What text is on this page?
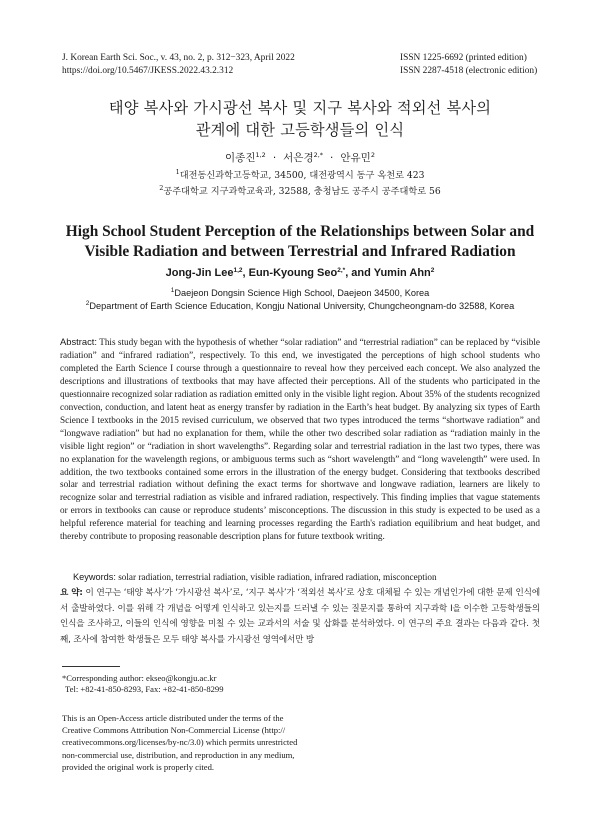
J. Korean Earth Sci. Soc., v. 43, no. 2, p. 312−323, April 2022
https://doi.org/10.5467/JKESS.2022.43.2.312
ISSN 1225-6692 (printed edition)
ISSN 2287-4518 (electronic edition)
태양 복사와 가시광선 복사 및 지구 복사와 적외선 복사의
관계에 대한 고등학생들의 인식
이종진$^{1,2}$ · 서은경$^{2,*}$ · 안유민$^2$
$^1$대전동신과학고등학교, 34500, 대전광역시 동구 옥천로 423
$^2$공주대학교 지구과학교육과, 32588, 충청남도 공주시 공주대학로 56
High School Student Perception of the Relationships between Solar and
Visible Radiation and between Terrestrial and Infrared Radiation
Jong-Jin Lee$^{1,2}$, Eun-Kyoung Seo$^{2,*}$, and Yumin Ahn$^2$
$^1$Daejeon Dongsin Science High School, Daejeon 34500, Korea
$^2$Department of Earth Science Education, Kongju National University, Chungcheongnam-do 32588, Korea
Abstract: This study began with the hypothesis of whether “solar radiation” and “terrestrial radiation” can be replaced by “visible radiation” and “infrared radiation”, respectively. To this end, we investigated the perceptions of high school students who completed the Earth Science I course through a questionnaire to reveal how they perceived each concept. We also analyzed the descriptions and illustrations of textbooks that may have affected their perceptions. All of the students who participated in the questionnaire recognized solar radiation as radiation emitted only in the visible light region. About 35% of the students recognized convection, conduction, and latent heat as energy transfer by radiation in the Earth’s heat budget. By analyzing six types of Earth Science I textbooks in the 2015 revised curriculum, we observed that two types introduced the terms “shortwave radiation” and “longwave radiation” but had no explanation for them, while the other two described solar radiation as “radiation mainly in the visible light region” or “radiation in short wavelengths”. Regarding solar and terrestrial radiation in the last two types, there was no explanation for the wavelength regions, or ambiguous terms such as “short wavelength” and “long wavelength” were used. In addition, the two textbooks contained some errors in the illustration of the energy budget. Considering that textbooks described solar and terrestrial radiation without defining the exact terms for shortwave and longwave radiation, learners are likely to recognize solar and terrestrial radiation as visible and infrared radiation, respectively. This finding implies that vague statements or errors in textbooks can cause or reproduce students’ misconceptions. The discussion in this study is expected to be used as a helpful reference material for teaching and learning processes regarding the Earth's radiation equilibrium and heat budget, and thereby contribute to proposing reasonable description plans for future textbook writing.
Keywords: solar radiation, terrestrial radiation, visible radiation, infrared radiation, misconception
요 약: 이 연구는 ‘태양 복사’가 ‘가시광선 복사’로, ‘지구 복사’가 ‘적외선 복사’로 상호 대체될 수 있는 개념인가에 대한 문제 인식에서 출발하였다. 이를 위해 각 개념을 어떻게 인식하고 있는지를 드러낼 수 있는 질문지를 통하여 지구과학 I을 이수한 고등학생들의 인식을 조사하고, 이들의 인식에 영향을 미칠 수 있는 교과서의 서술 및 삽화를 분석하였다. 이 연구의 주요 결과는 다음과 같다. 첫째, 조사에 참여한 학생들은 모두 태양 복사를 가시광선 영역에서만 방
*Corresponding author: ekseo@kongju.ac.kr
Tel: +82-41-850-8293, Fax: +82-41-850-8299
This is an Open-Access article distributed under the terms of the
Creative Commons Attribution Non-Commercial License (http://
creativecommons.org/licenses/by-nc/3.0) which permits unrestricted
non-commercial use, distribution, and reproduction in any medium,
provided the original work is properly cited.
